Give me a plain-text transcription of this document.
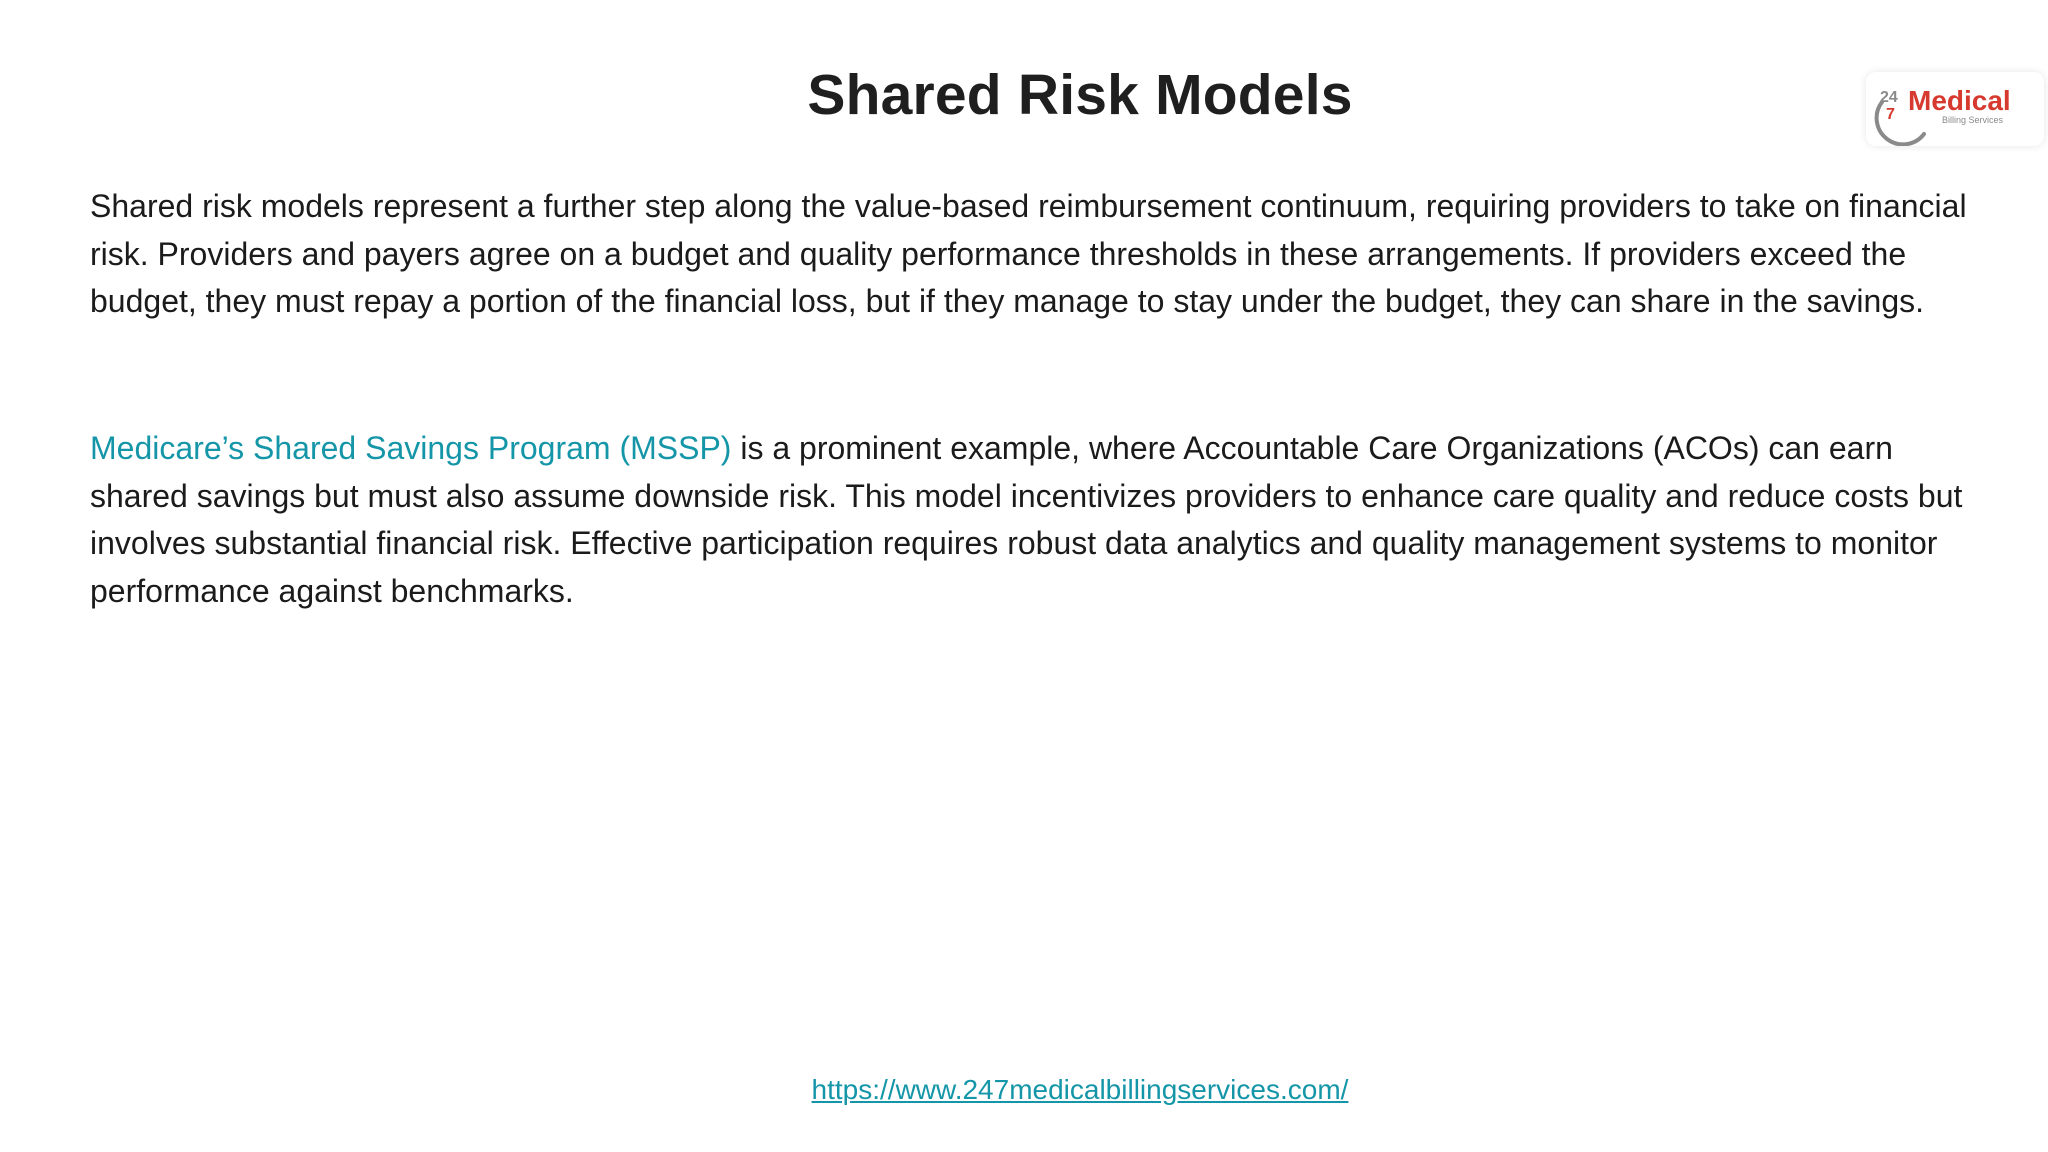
Shared Risk Models	24
7 Medical
Billing Services
Shared risk models represent a further step along the value-based reimbursement continuum, requiring providers to take on financial risk. Providers and payers agree on a budget and quality performance thresholds in these arrangements. If providers exceed the budget, they must repay a portion of the financial loss, but if they manage to stay under the budget, they can share in the savings.
Medicare’s Shared Savings Program (MSSP) is a prominent example, where Accountable Care Organizations (ACOs) can earn shared savings but must also assume downside risk. This model incentivizes providers to enhance care quality and reduce costs but involves substantial financial risk. Effective participation requires robust data analytics and quality management systems to monitor performance against benchmarks.
https://www.247medicalbillingservices.com/
